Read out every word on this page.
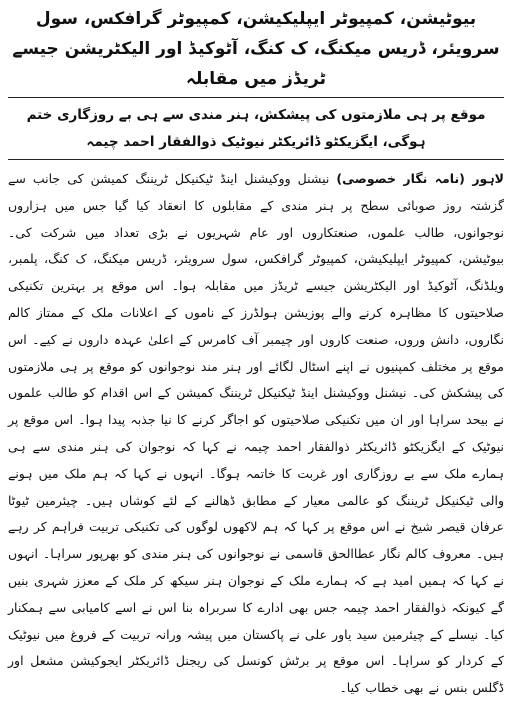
بیوٹیشن، کمپیوٹر ایپلیکیشن، کمپیوٹر گرافکس، سول سرویئر، ڈریس میکنگ، ک کنگ، آٹوکیڈ اور الیکٹریشن جیسے ٹریڈز میں مقابلہ
موقع پر ہی ملازمتوں کی پیشکش، ہنر مندی سے ہی بے روزگاری ختم ہوگی، ایگزیکٹو ڈائریکٹر نیوٹیک ذوالفقار احمد چیمہ

لاہور (نامہ نگار خصوصی) نیشنل ووکیشنل اینڈ ٹیکنیکل ٹریننگ کمیشن کی جانب سے گزشتہ روز صوبائی سطح پر ہنر مندی کے مقابلوں کا انعقاد کیا گیا جس میں ہزاروں نوجوانوں، طالب علموں، صنعتکاروں اور عام شہریوں نے بڑی تعداد میں شرکت کی۔ بیوٹیشن، کمپیوٹر ایپلیکیشن، کمپیوٹر گرافکس، سول سرویئر، ڈریس میکنگ، ک کنگ، پلمبر، ویلڈنگ، آٹوکیڈ اور الیکٹریشن جیسے ٹریڈز میں مقابلہ ہوا۔ اس موقع پر بہترین تکنیکی صلاحیتوں کا مظاہرہ کرنے والے پوزیشن ہولڈرز کے ناموں کے اعلانات ملک کے ممتاز کالم نگاروں، دانش وروں، صنعت کاروں اور چیمبر آف کامرس کے اعلیٰ عہدہ داروں نے کیے۔ اس موقع پر مختلف کمپنیوں نے اپنے اسٹال لگائے اور ہنر مند نوجوانوں کو موقع پر ہی ملازمتوں کی پیشکش کی۔ نیشنل ووکیشنل اینڈ ٹیکنیکل ٹریننگ کمیشن کے اس اقدام کو طالب علموں نے بیحد سراہا اور ان میں تکنیکی صلاحیتوں کو اجاگر کرنے کا نیا جذبہ پیدا ہوا۔ اس موقع پر نیوٹیک کے ایگزیکٹو ڈائریکٹر ذوالفقار احمد چیمہ نے کہا کہ نوجوان کی ہنر مندی سے ہی ہمارے ملک سے بے روزگاری اور غربت کا خاتمہ ہوگا۔ انہوں نے کہا کہ ہم ملک میں ہونے والی ٹیکنیکل ٹریننگ کو عالمی معیار کے مطابق ڈھالنے کے لئے کوشاں ہیں۔ چیئرمین ٹیوٹا عرفان قیصر شیخ نے اس موقع پر کہا کہ ہم لاکھوں لوگوں کی تکنیکی تربیت فراہم کر رہے ہیں۔ معروف کالم نگار عطاالحق قاسمی نے نوجوانوں کی ہنر مندی کو بھرپور سراہا۔ انہوں نے کہا کہ ہمیں امید ہے کہ ہمارے ملک کے نوجوان ہنر سیکھ کر ملک کے معزز شہری بنیں گے کیونکہ ذوالفقار احمد چیمہ جس بھی ادارے کا سربراہ بنا اس نے اسے کامیابی سے ہمکنار کیا۔ نیسلے کے چیئرمین سید یاور علی نے پاکستان میں پیشہ ورانہ تربیت کے فروغ میں نیوٹیک کے کردار کو سراہا۔ اس موقع پر برٹش کونسل کی ریجنل ڈائریکٹر ایجوکیشن مشعل اور ڈگلس بنس نے بھی خطاب کیا۔
